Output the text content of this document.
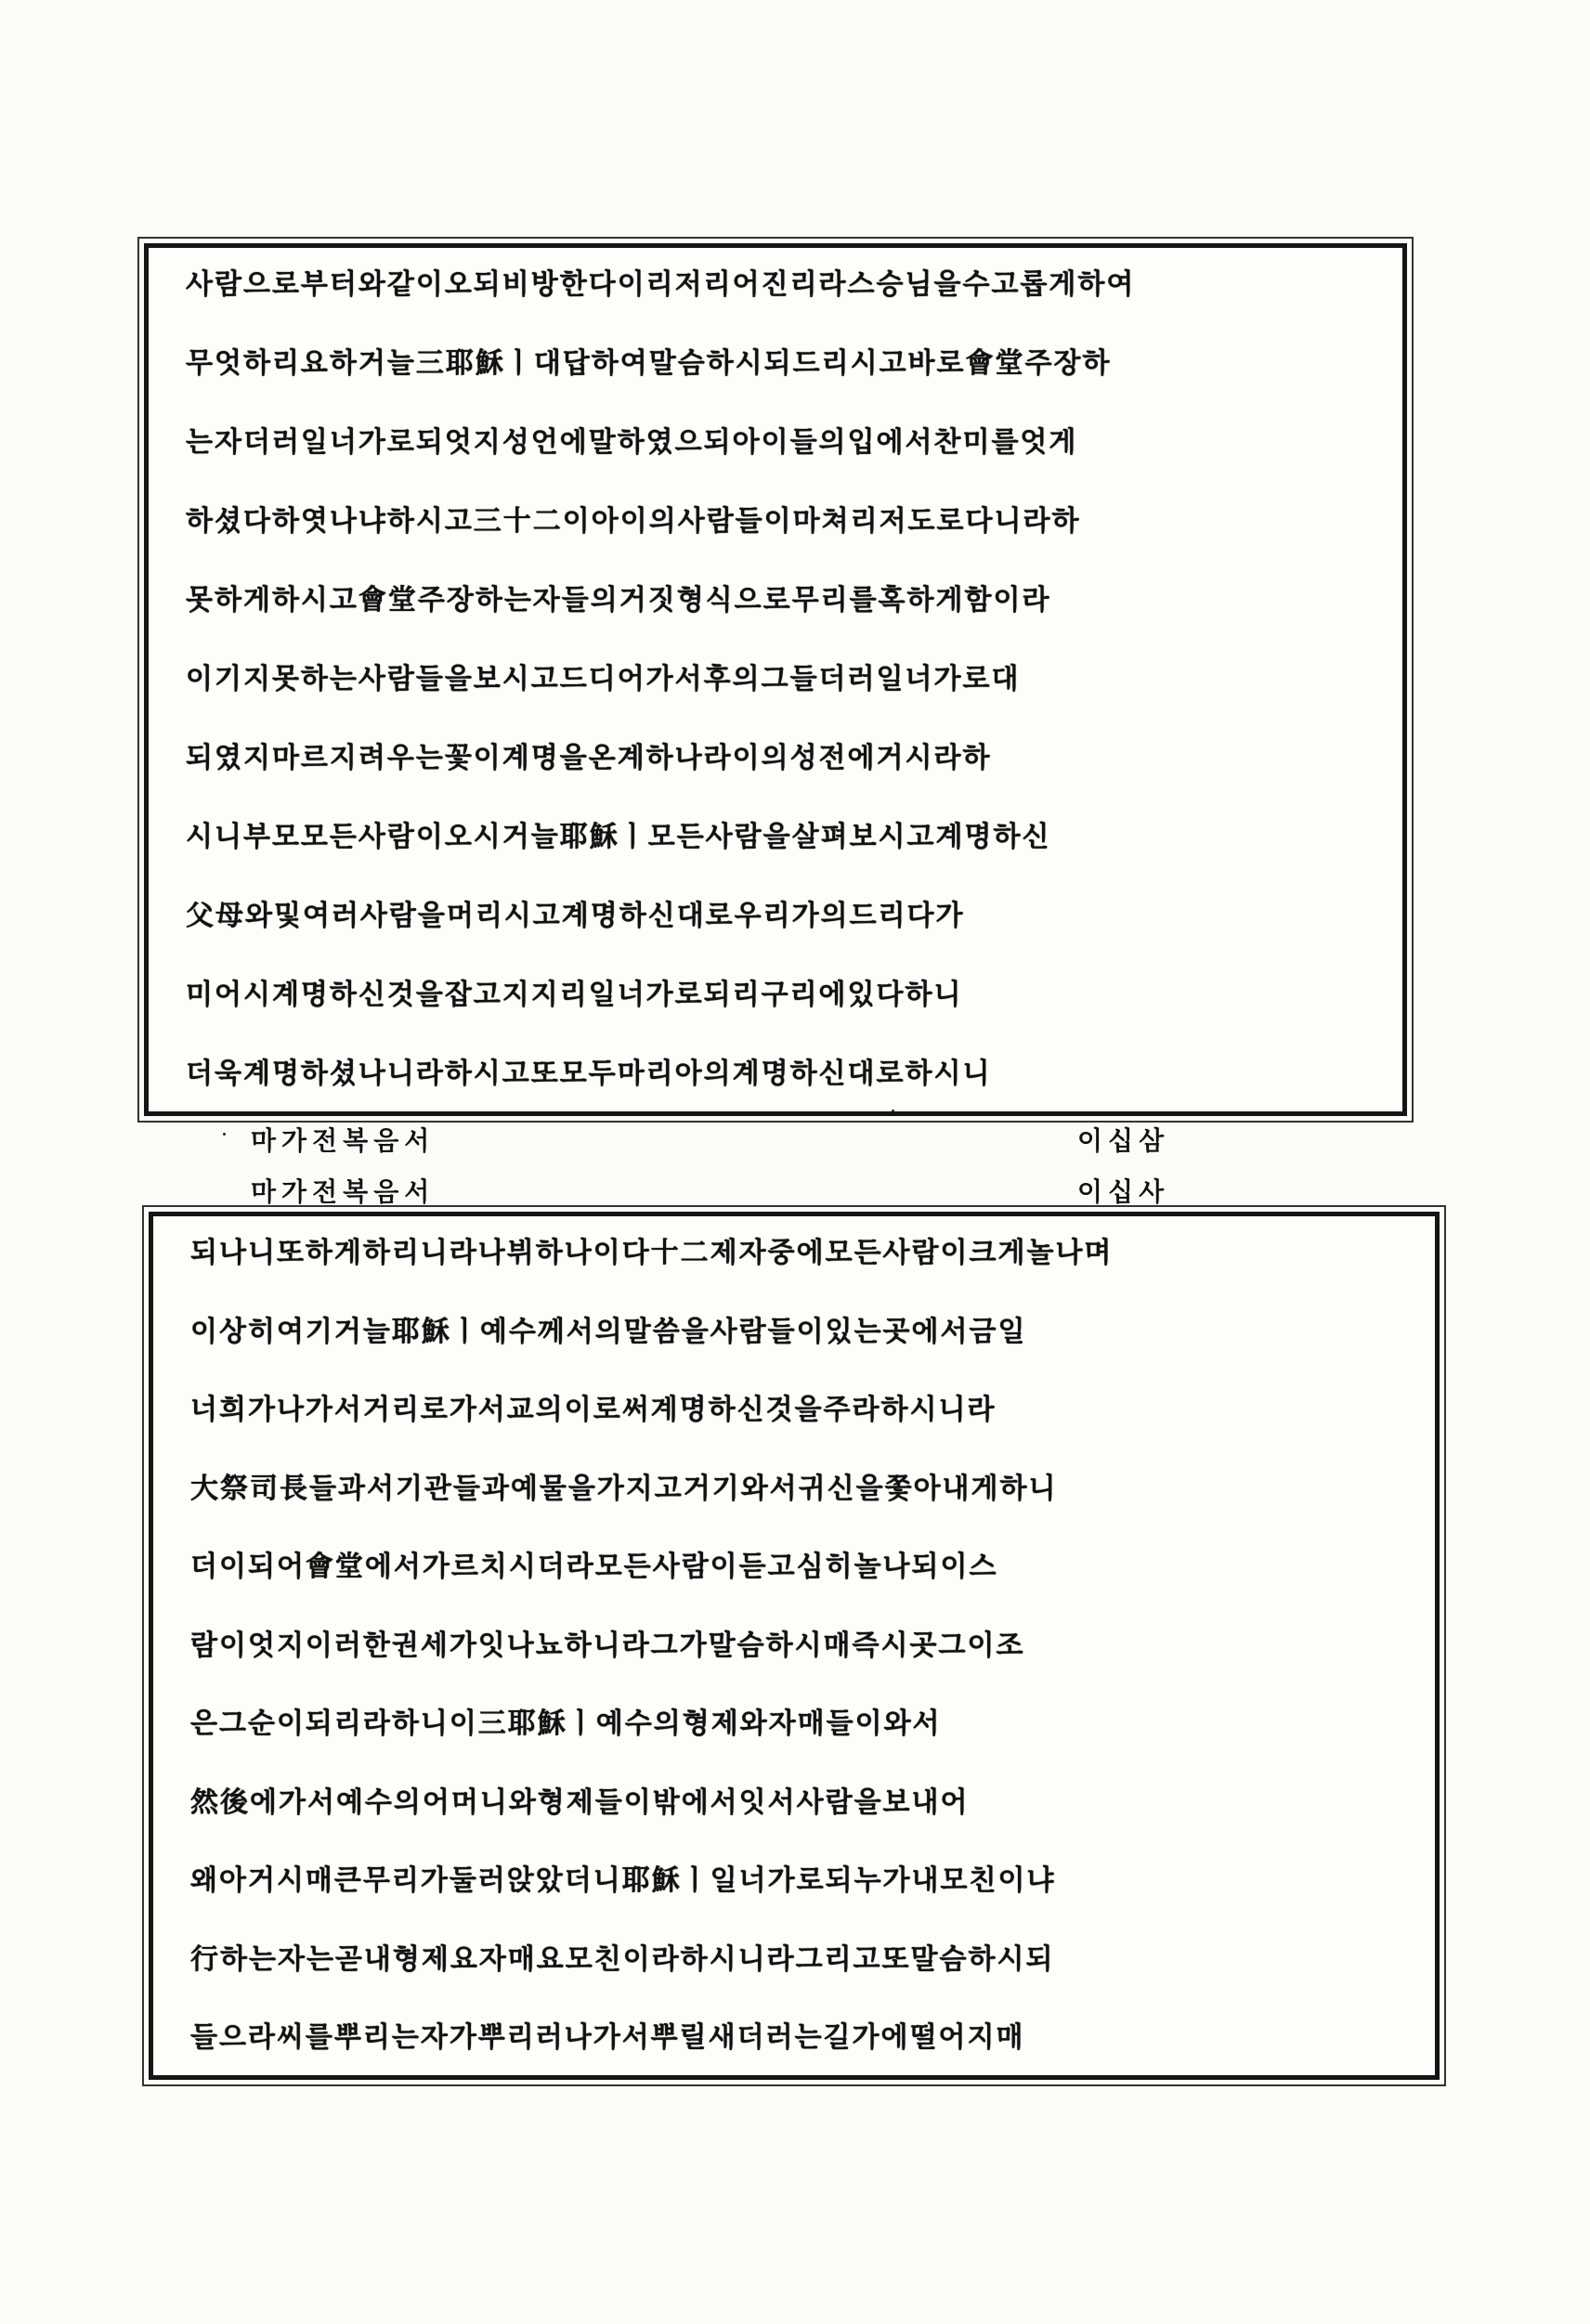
사람으로부터와같이오되비방한다이리저리어진리라스승님을수고롭게하여
무엇하리요하거늘三耶穌ㅣ대답하여말슴하시되드리시고바로會堂주장하
는자더러일너가로되엇지성언에말하였으되아이들의입에서찬미를엇게
하셨다하엿나냐하시고三十二이아이의사람들이마쳐리저도로다니라하
못하게하시고會堂주장하는자들의거짓형식으로무리를혹하게함이라
이기지못하는사람들을보시고드디어가서후의그들더러일너가로대
되였지마르지려우는꽃이계명을온계하나라이의성전에거시라하
시니부모모든사람이오시거늘耶穌ㅣ모든사람을살펴보시고계명하신
父母와및여러사람을머리시고계명하신대로우리가의드리다가
미어시계명하신것을잡고지지리일너가로되리구리에있다하니
더욱계명하셨나니라하시고또모두마리아의계명하신대로하시니
마가전복음서	이십삼
마가전복음서	이십사
되나니또하게하리니라나뷔하나이다十二제자중에모든사람이크게놀나며
이상히여기거늘耶穌ㅣ예수께서의말씀을사람들이있는곳에서금일
너희가나가서거리로가서교의이로써계명하신것을주라하시니라
大祭司長들과서기관들과예물을가지고거기와서귀신을쫓아내게하니
더이되어會堂에서가르치시더라모든사람이듣고심히놀나되이스
람이엇지이러한권세가잇나뇨하니라그가말슴하시매즉시곳그이조
은그순이되리라하니이三耶穌ㅣ예수의형제와자매들이와서
然後에가서예수의어머니와형제들이밖에서잇서사람을보내어
왜아거시매큰무리가둘러앉았더니耶穌ㅣ일너가로되누가내모친이냐
行하는자는곧내형제요자매요모친이라하시니라그리고또말슴하시되
들으라씨를뿌리는자가뿌리러나가서뿌릴새더러는길가에떨어지매
